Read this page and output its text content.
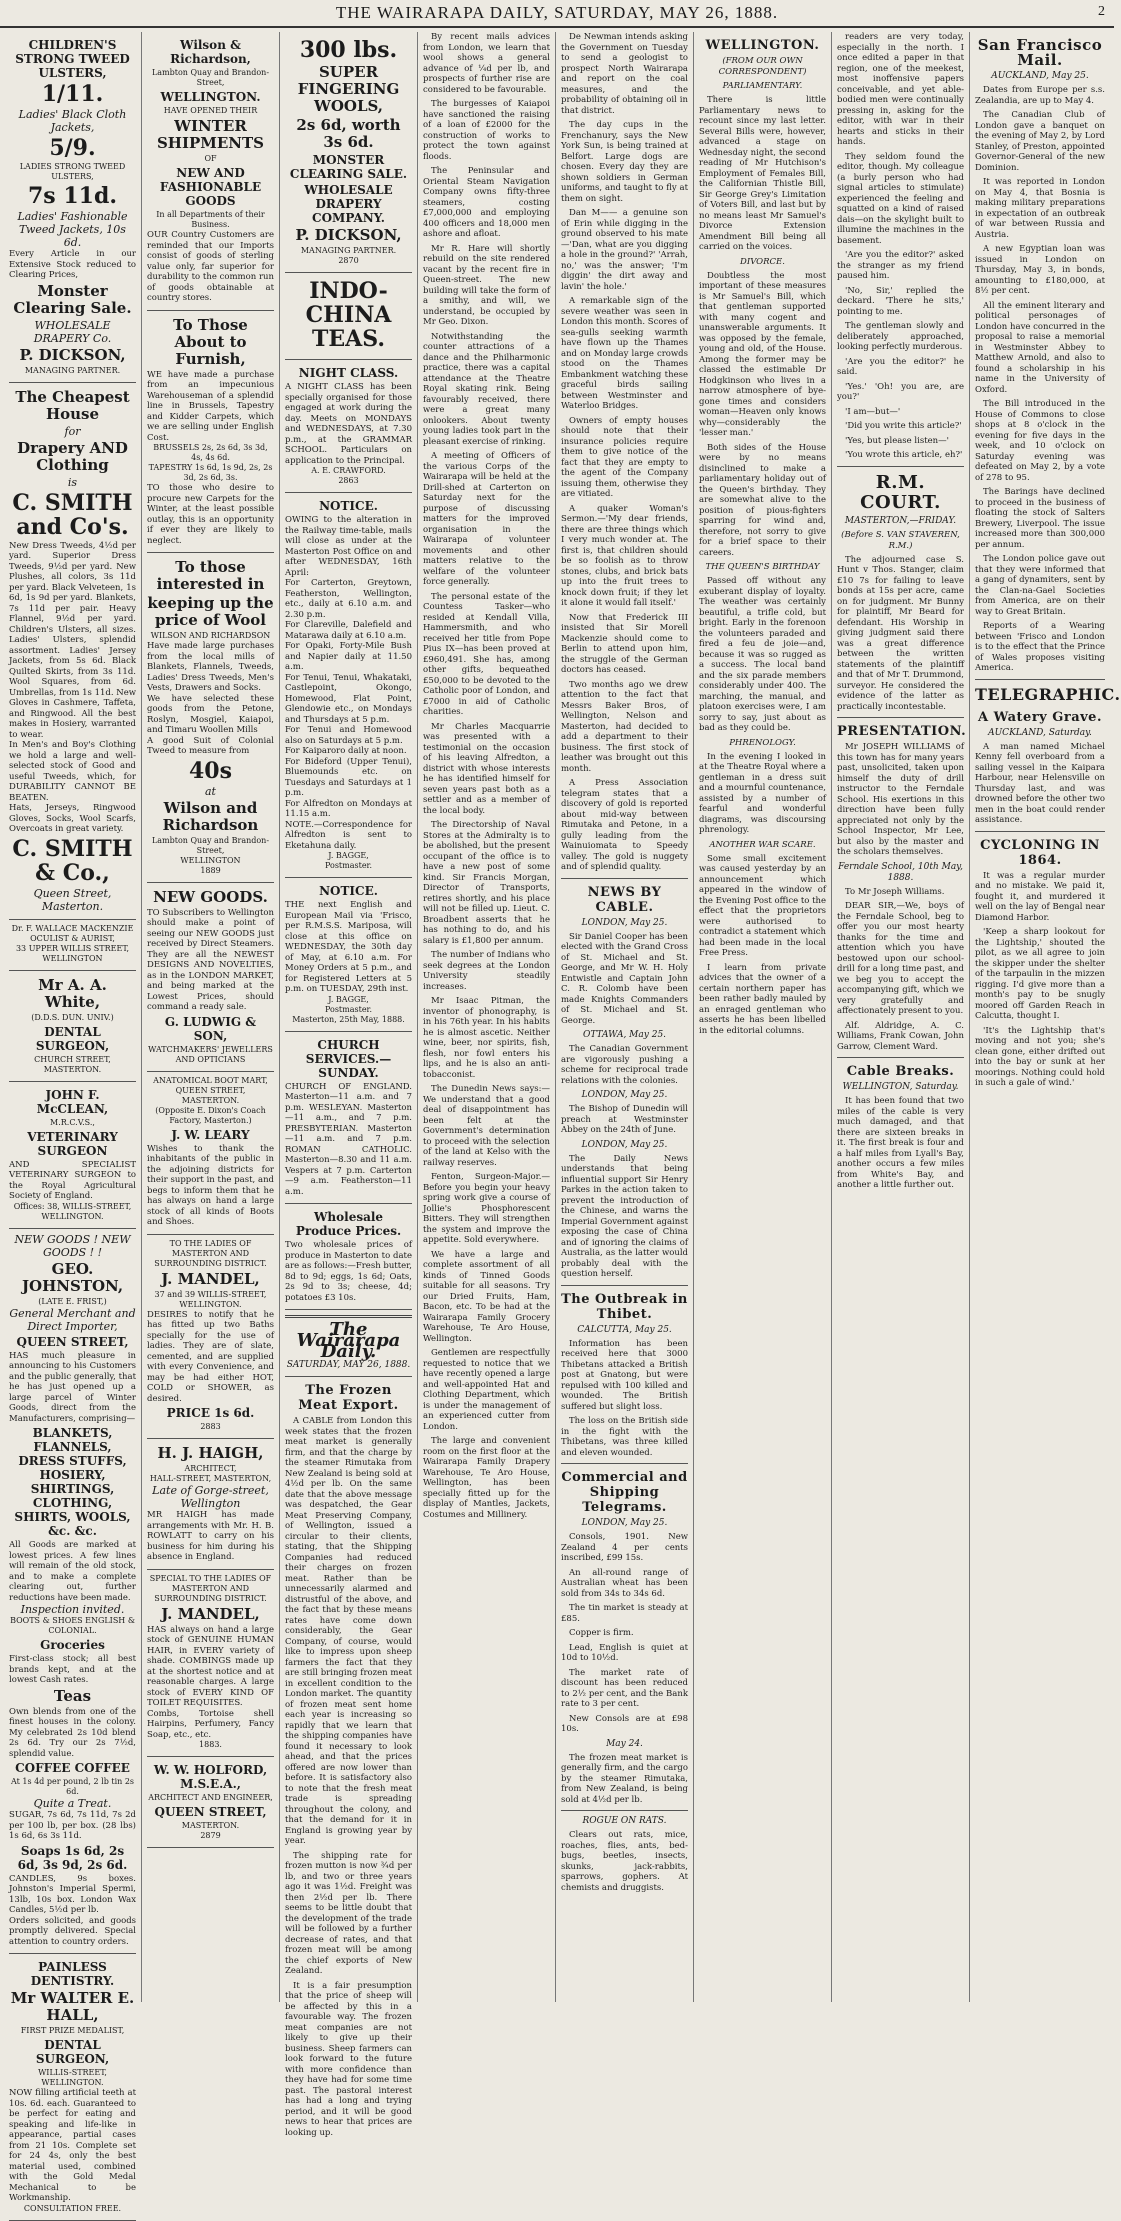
THE WAIRARAPA DAILY, SATURDAY, MAY 26, 1888.	2
CHILDREN'S STRONG TWEED ULSTERS,
1/11.
Ladies' Black Cloth Jackets,
5/9.
LADIES STRONG TWEED ULSTERS,
7s 11d.
Ladies' Fashionable Tweed Jackets, 10s 6d.
Every Article in our Extensive Stock reduced to Clearing Prices,
Monster Clearing Sale.
WHOLESALE DRAPERY Co.
P. DICKSON,
MANAGING PARTNER.
The Cheapest House
for
Drapery AND Clothing
is
C. SMITH and Co's.
New Dress Tweeds, 4½d per yard. Superior Dress Tweeds, 9½d per yard. New Plushes, all colors, 3s 11d per yard. Black Velveteen, 1s 6d, 1s 9d per yard. Blankets, 7s 11d per pair. Heavy Flannel, 9½d per yard. Children's Ulsters, all sizes. Ladies' Ulsters, splendid assortment. Ladies' Jersey Jackets, from 5s 6d. Black Quilted Skirts, from 3s 11d. Wool Squares, from 6d. Umbrellas, from 1s 11d. New Gloves in Cashmere, Taffeta, and Ringwood. All the best makes in Hosiery, warranted to wear.
In Men's and Boy's Clothing we hold a large and well-selected stock of Good and useful Tweeds, which, for DURABILITY CANNOT BE BEATEN.
Hats, Jerseys, Ringwood Gloves, Socks, Wool Scarfs, Overcoats in great variety.
C. SMITH & Co.,
Queen Street, Masterton.
Dr. F. WALLACE MACKENZIE
OCULIST & AURIST,
33 UPPER WILLIS STREET, WELLINGTON
Mr A. A. White,
(D.D.S. DUN. UNIV.)
DENTAL SURGEON,
CHURCH STREET, MASTERTON.
JOHN F. McCLEAN,
M.R.C.V.S.,
VETERINARY SURGEON
AND SPECIALIST VETERINARY SURGEON to the Royal Agricultural Society of England.
Offices: 38, WILLIS-STREET, WELLINGTON.
NEW GOODS ! NEW GOODS ! !
GEO. JOHNSTON,
(LATE E. FRIST,)
General Merchant and Direct Importer,
QUEEN STREET,
HAS much pleasure in announcing to his Customers and the public generally, that he has just opened up a large parcel of Winter Goods, direct from the Manufacturers, comprising—
BLANKETS, FLANNELS, DRESS STUFFS, HOSIERY, SHIRTINGS, CLOTHING, SHIRTS, WOOLS, &c. &c.
All Goods are marked at lowest prices. A few lines will remain of the old stock, and to make a complete clearing out, further reductions have been made.
Inspection invited.
BOOTS & SHOES ENGLISH & COLONIAL.
Groceries
First-class stock; all best brands kept, and at the lowest Cash rates.
Teas
Own blends from one of the finest houses in the colony. My celebrated 2s 10d blend 2s 6d. Try our 2s 7½d, splendid value.
COFFEE COFFEE
At 1s 4d per pound, 2 lb tin 2s 6d.
Quite a Treat.
SUGAR, 7s 6d, 7s 11d, 7s 2d per 100 lb, per box. (28 lbs) 1s 6d, 6s 3s 11d.
Soaps 1s 6d, 2s 6d, 3s 9d, 2s 6d.
CANDLES, 9s boxes. Johnston's Imperial Spermi, 13lb, 10s box. London Wax Candles, 5½d per lb.
Orders solicited, and goods promptly delivered. Special attention to country orders.
PAINLESS DENTISTRY.
Mr WALTER E. HALL,
FIRST PRIZE MEDALIST,
DENTAL SURGEON,
WILLIS-STREET, WELLINGTON.
NOW filling artificial teeth at 10s. 6d. each. Guaranteed to be perfect for eating and speaking and life-like in appearance, partial cases from 21 10s. Complete set for 24 4s, only the best material used, combined with the Gold Medal Mechanical to be Workmanship.
CONSULTATION FREE.
Wilson & Richardson,
Lambton Quay and Brandon-Street,
WELLINGTON.
HAVE OPENED THEIR
WINTER SHIPMENTS
OF
NEW AND FASHIONABLE GOODS
In all Departments of their Business.
OUR Country Customers are reminded that our Imports consist of goods of sterling value only, far superior for durability to the common run of goods obtainable at country stores.
To Those About to Furnish,
WE have made a purchase from an impecunious Warehouseman of a splendid line in Brussels, Tapestry and Kidder Carpets, which we are selling under English Cost.
BRUSSELS 2s, 2s 6d, 3s 3d, 4s, 4s 6d.
TAPESTRY 1s 6d, 1s 9d, 2s, 2s 3d, 2s 6d, 3s.
TO those who desire to procure new Carpets for the Winter, at the least possible outlay, this is an opportunity if ever they are likely to neglect.
To those interested in
keeping up the price of Wool
WILSON AND RICHARDSON
Have made large purchases from the local mills of Blankets, Flannels, Tweeds, Ladies' Dress Tweeds, Men's Vests, Drawers and Socks.
We have selected these goods from the Petone, Roslyn, Mosgiel, Kaiapoi, and Timaru Woollen Mills
A good Suit of Colonial Tweed to measure from
40s
at
Wilson and Richardson
Lambton Quay and Brandon-Street,
WELLINGTON
1889
NEW GOODS.
TO Subscribers to Wellington should make a point of seeing our NEW GOODS just received by Direct Steamers. They are all the NEWEST DESIGNS AND NOVELTIES, as in the LONDON MARKET, and being marked at the Lowest Prices, should command a ready sale.
G. LUDWIG & SON,
WATCHMAKERS' JEWELLERS AND OPTICIANS
ANATOMICAL BOOT MART, QUEEN STREET, MASTERTON.
(Opposite E. Dixon's Coach Factory, Masterton.)
J. W. LEARY
Wishes to thank the inhabitants of the public in the adjoining districts for their support in the past, and begs to inform them that he has always on hand a large stock of all kinds of Boots and Shoes.
TO THE LADIES OF MASTERTON AND SURROUNDING DISTRICT.
J. MANDEL,
37 and 39 WILLIS-STREET, WELLINGTON.
DESIRES to notify that he has fitted up two Baths specially for the use of ladies. They are of slate, cemented, and are supplied with every Convenience, and may be had either HOT, COLD or SHOWER, as desired.
PRICE 1s 6d.
2883
H. J. HAIGH,
ARCHITECT,
HALL-STREET, MASTERTON,
Late of Gorge-street, Wellington
MR HAIGH has made arrangements with Mr. H. B. ROWLATT to carry on his business for him during his absence in England.
SPECIAL TO THE LADIES OF MASTERTON AND SURROUNDING DISTRICT.
J. MANDEL,
HAS always on hand a large stock of GENUINE HUMAN HAIR, in EVERY variety of shade. COMBINGS made up at the shortest notice and at reasonable charges. A large stock of EVERY KIND OF TOILET REQUISITES.
Combs, Tortoise shell Hairpins, Perfumery, Fancy Soap, etc., etc.
1883.
W. W. HOLFORD, M.S.E.A.,
ARCHITECT AND ENGINEER,
QUEEN STREET,
MASTERTON.
2879
300 lbs.
SUPER FINGERING WOOLS,
2s 6d, worth 3s 6d.
MONSTER CLEARING SALE.
WHOLESALE DRAPERY COMPANY.
P. DICKSON,
MANAGING PARTNER.
2870
INDO-CHINA TEAS.
NIGHT CLASS.
A NIGHT CLASS has been specially organised for those engaged at work during the day. Meets on MONDAYS and WEDNESDAYS, at 7.30 p.m., at the GRAMMAR SCHOOL. Particulars on application to the Principal.
A. E. CRAWFORD.
2863
NOTICE.
OWING to the alteration in the Railway time-table, mails will close as under at the Masterton Post Office on and after WEDNESDAY, 16th April:
For Carterton, Greytown, Featherston, Wellington, etc., daily at 6.10 a.m. and 2.30 p.m.
For Clareville, Dalefield and Matarawa daily at 6.10 a.m.
For Opaki, Forty-Mile Bush and Napier daily at 11.50 a.m.
For Tenui, Tenui, Whakataki, Castlepoint, Okongo, Homewood, Flat Point, Glendowie etc., on Mondays and Thursdays at 5 p.m.
For Tenui and Homewood also on Saturdays at 5 p.m.
For Kaiparoro daily at noon.
For Bideford (Upper Tenui), Bluemounds etc. on Tuesdays and Saturdays at 1 p.m.
For Alfredton on Mondays at 11.15 a.m.
NOTE.—Correspondence for Alfredton is sent to Eketahuna daily.
J. BAGGE,
Postmaster.
NOTICE.
THE next English and European Mail via 'Frisco, per R.M.S.S. Mariposa, will close at this office on WEDNESDAY, the 30th day of May, at 6.10 a.m. For Money Orders at 5 p.m., and for Registered Letters at 5 p.m. on TUESDAY, 29th inst.
J. BAGGE,
Postmaster.
Masterton, 25th May, 1888.
CHURCH SERVICES.—SUNDAY.
CHURCH OF ENGLAND. Masterton—11 a.m. and 7 p.m. WESLEYAN. Masterton—11 a.m., and 7 p.m. PRESBYTERIAN. Masterton—11 a.m. and 7 p.m. ROMAN CATHOLIC. Masterton—8.30 and 11 a.m. Vespers at 7 p.m. Carterton—9 a.m. Featherston—11 a.m.
Wholesale Produce Prices.
Two wholesale prices of produce in Masterton to date are as follows:—Fresh butter, 8d to 9d; eggs, 1s 6d; Oats, 2s 9d to 3s; cheese, 4d; potatoes £3 10s.
The Wairarapa Daily.
SATURDAY, MAY 26, 1888.
The Frozen Meat Export.

A CABLE from London this week states that the frozen meat market is generally firm, and that the charge by the steamer Rimutaka from New Zealand is being sold at 4½d per lb. On the same date that the above message was despatched, the Gear Meat Preserving Company, of Wellington, issued a circular to their clients, stating, that the Shipping Companies had reduced their charges on frozen meat. Rather than be unnecessarily alarmed and distrustful of the above, and the fact that by these means rates have come down considerably, the Gear Company, of course, would like to impress upon sheep farmers the fact that they are still bringing frozen meat in excellent condition to the London market. The quantity of frozen meat sent home each year is increasing so rapidly that we learn that the shipping companies have found it necessary to look ahead, and that the prices offered are now lower than before. It is satisfactory also to note that the fresh meat trade is spreading throughout the colony, and that the demand for it in England is growing year by year.

The shipping rate for frozen mutton is now ¾d per lb, and two or three years ago it was 1½d. Freight was then 2½d per lb. There seems to be little doubt that the development of the trade will be followed by a further decrease of rates, and that frozen meat will be among the chief exports of New Zealand.

It is a fair presumption that the price of sheep will be affected by this in a favourable way. The frozen meat companies are not likely to give up their business. Sheep farmers can look forward to the future with more confidence than they have had for some time past. The pastoral interest has had a long and trying period, and it will be good news to hear that prices are looking up.

By recent mails advices from London, we learn that wool shows a general advance of ¼d per lb, and prospects of further rise are considered to be favourable.

The burgesses of Kaiapoi have sanctioned the raising of a loan of £2000 for the construction of works to protect the town against floods.

The Peninsular and Oriental Steam Navigation Company owns fifty-three steamers, costing £7,000,000 and employing 400 officers and 18,000 men ashore and afloat.

Mr R. Hare will shortly rebuild on the site rendered vacant by the recent fire in Queen-street. The new building will take the form of a smithy, and will, we understand, be occupied by Mr Geo. Dixon.

Notwithstanding the counter attractions of a dance and the Philharmonic practice, there was a capital attendance at the Theatre Royal skating rink. Being favourably received, there were a great many onlookers. About twenty young ladies took part in the pleasant exercise of rinking.

A meeting of Officers of the various Corps of the Wairarapa will be held at the Drill-shed at Carterton on Saturday next for the purpose of discussing matters for the improved organisation in the Wairarapa of volunteer movements and other matters relative to the welfare of the volunteer force generally.

The personal estate of the Countess Tasker—who resided at Kendall Villa, Hammersmith, and who received her title from Pope Pius IX—has been proved at £960,491. She has, among other gifts, bequeathed £50,000 to be devoted to the Catholic poor of London, and £7000 in aid of Catholic charities.

Mr Charles Macquarrie was presented with a testimonial on the occasion of his leaving Alfredton, a district with whose interests he has identified himself for seven years past both as a settler and as a member of the local body.

The Directorship of Naval Stores at the Admiralty is to be abolished, but the present occupant of the office is to have a new post of some kind. Sir Francis Morgan, Director of Transports, retires shortly, and his place will not be filled up. Lieut. C. Broadbent asserts that he has nothing to do, and his salary is £1,800 per annum.

The number of Indians who seek degrees at the London University steadily increases.

Mr Isaac Pitman, the inventor of phonography, is in his 76th year. In his habits he is almost ascetic. Neither wine, beer, nor spirits, fish, flesh, nor fowl enters his lips, and he is also an anti-tobacconist.

The Dunedin News says:—We understand that a good deal of disappointment has been felt at the Government's determination to proceed with the selection of the land at Kelso with the railway reserves.

Fenton, Surgeon-Major.—Before you begin your heavy spring work give a course of Jollie's Phosphorescent Bitters. They will strengthen the system and improve the appetite. Sold everywhere.

We have a large and complete assortment of all kinds of Tinned Goods suitable for all seasons. Try our Dried Fruits, Ham, Bacon, etc. To be had at the Wairarapa Family Grocery Warehouse, Te Aro House, Wellington.

Gentlemen are respectfully requested to notice that we have recently opened a large and well-appointed Hat and Clothing Department, which is under the management of an experienced cutter from London.

The large and convenient room on the first floor at the Wairarapa Family Drapery Warehouse, Te Aro House, Wellington, has been specially fitted up for the display of Mantles, Jackets, Costumes and Millinery.

De Newman intends asking the Government on Tuesday to send a geologist to prospect North Wairarapa and report on the coal measures, and the probability of obtaining oil in that district.

The day cups in the Frenchanury, says the New York Sun, is being trained at Belfort. Large dogs are chosen. Every day they are shown soldiers in German uniforms, and taught to fly at them on sight.

Dan M—— a genuine son of Erin while digging in the ground observed to his mate—'Dan, what are you digging a hole in the ground?' 'Arrah, no,' was the answer; 'I'm diggin' the dirt away and lavin' the hole.'

A remarkable sign of the severe weather was seen in London this month. Scores of sea-gulls seeking warmth have flown up the Thames and on Monday large crowds stood on the Thames Embankment watching these graceful birds sailing between Westminster and Waterloo Bridges.

Owners of empty houses should note that their insurance policies require them to give notice of the fact that they are empty to the agent of the Company issuing them, otherwise they are vitiated.

A quaker Woman's Sermon.—'My dear friends, there are three things which I very much wonder at. The first is, that children should be so foolish as to throw stones, clubs, and brick bats up into the fruit trees to knock down fruit; if they let it alone it would fall itself.'

Now that Frederick III insisted that Sir Morell Mackenzie should come to Berlin to attend upon him, the struggle of the German doctors has ceased.

Two months ago we drew attention to the fact that Messrs Baker Bros, of Wellington, Nelson and Masterton, had decided to add a department to their business. The first stock of leather was brought out this month.

A Press Association telegram states that a discovery of gold is reported about mid-way between Rimutaka and Petone, in a gully leading from the Wainuiomata to Speedy valley. The gold is nuggety and of splendid quality.

NEWS BY CABLE.
LONDON, May 25.

Sir Daniel Cooper has been elected with the Grand Cross of St. Michael and St. George, and Mr W. H. Holy Entwistle and Captain John C. R. Colomb have been made Knights Commanders of St. Michael and St. George.

OTTAWA, May 25.

The Canadian Government are vigorously pushing a scheme for reciprocal trade relations with the colonies.

LONDON, May 25.

The Bishop of Dunedin will preach at Westminster Abbey on the 24th of June.

LONDON, May 25.

The Daily News understands that being influential support Sir Henry Parkes in the action taken to prevent the introduction of the Chinese, and warns the Imperial Government against exposing the case of China and of ignoring the claims of Australia, as the latter would probably deal with the question herself.

The Outbreak in Thibet.
CALCUTTA, May 25.

Information has been received here that 3000 Thibetans attacked a British post at Gnatong, but were repulsed with 100 killed and wounded. The British suffered but slight loss.

The loss on the British side in the fight with the Thibetans, was three killed and eleven wounded.

Commercial and Shipping Telegrams.
LONDON, May 25.

Consols, 1901. New Zealand 4 per cents inscribed, £99 15s.

An all-round range of Australian wheat has been sold from 34s to 34s 6d.

The tin market is steady at £85.

Copper is firm.

Lead, English is quiet at 10d to 10½d.

The market rate of discount has been reduced to 2½ per cent, and the Bank rate to 3 per cent.

New Consols are at £98 10s.

May 24.

The frozen meat market is generally firm, and the cargo by the steamer Rimutaka, from New Zealand, is being sold at 4½d per lb.

ROGUE ON RATS.

Clears out rats, mice, roaches, flies, ants, bed-bugs, beetles, insects, skunks, jack-rabbits, sparrows, gophers. At chemists and druggists.

WELLINGTON.
(FROM OUR OWN CORRESPONDENT)
PARLIAMENTARY.

There is little Parliamentary news to recount since my last letter. Several Bills were, however, advanced a stage on Wednesday night, the second reading of Mr Hutchison's Employment of Females Bill, the Californian Thistle Bill, Sir George Grey's Limitation of Voters Bill, and last but by no means least Mr Samuel's Divorce Extension Amendment Bill being all carried on the voices.

DIVORCE.

Doubtless the most important of these measures is Mr Samuel's Bill, which that gentleman supported with many cogent and unanswerable arguments. It was opposed by the female, young and old, of the House. Among the former may be classed the estimable Dr Hodgkinson who lives in a narrow atmosphere of bye-gone times and considers woman—Heaven only knows why—considerably the 'lesser man.'

Both sides of the House were by no means disinclined to make a parliamentary holiday out of the Queen's birthday. They are somewhat alive to the position of pious-fighters sparring for wind and, therefore, not sorry to give for a brief space to their careers.

THE QUEEN'S BIRTHDAY

Passed off without any exuberant display of loyalty. The weather was certainly beautiful, a trifle cold, but bright. Early in the forenoon the volunteers paraded and fired a feu de joie—and, because it was so rugged as a success. The local band and the six parade members considerably under 400. The marching, the manual, and platoon exercises were, I am sorry to say, just about as bad as they could be.

PHRENOLOGY.

In the evening I looked in at the Theatre Royal where a gentleman in a dress suit and a mournful countenance, assisted by a number of fearful and wonderful diagrams, was discoursing phrenology.

ANOTHER WAR SCARE.

Some small excitement was caused yesterday by an announcement which appeared in the window of the Evening Post office to the effect that the proprietors were authorised to contradict a statement which had been made in the local Free Press.

I learn from private advices that the owner of a certain northern paper has been rather badly mauled by an enraged gentleman who asserts he has been libelled in the editorial columns.

readers are very today, especially in the north. I once edited a paper in that region, one of the meekest, most inoffensive papers conceivable, and yet able-bodied men were continually pressing in, asking for the editor, with war in their hearts and sticks in their hands.

They seldom found the editor, though. My colleague (a burly person who had signal articles to stimulate) experienced the feeling and squatted on a kind of raised dais—on the skylight built to illumine the machines in the basement.

'Are you the editor?' asked the stranger as my friend paused him.

'No, Sir,' replied the deckard. 'There he sits,' pointing to me.

The gentleman slowly and deliberately approached, looking perfectly murderous.

'Are you the editor?' he said.

'Yes.' 'Oh! you are, are you?'

'I am—but—'

'Did you write this article?'

'Yes, but please listen—'

'You wrote this article, eh?'

R.M. COURT.
MASTERTON,—FRIDAY.
(Before S. VAN STAVEREN, R.M.)

The adjourned case S. Hunt v Thos. Stanger, claim £10 7s for failing to leave bonds at 15s per acre, came on for judgment. Mr Bunny for plaintiff, Mr Beard for defendant. His Worship in giving judgment said there was a great difference between the written statements of the plaintiff and that of Mr T. Drummond, surveyor. He considered the evidence of the latter as practically incontestable.

PRESENTATION.

Mr JOSEPH WILLIAMS of this town has for many years past, unsolicited, taken upon himself the duty of drill instructor to the Ferndale School. His exertions in this direction have been fully appreciated not only by the School Inspector, Mr Lee, but also by the master and the scholars themselves.

Ferndale School, 10th May, 1888.

To Mr Joseph Williams.

DEAR SIR,—We, boys of the Ferndale School, beg to offer you our most hearty thanks for the time and attention which you have bestowed upon our school-drill for a long time past, and we beg you to accept the accompanying gift, which we very gratefully and affectionately present to you.

Alf. Aldridge, A. C. Williams, Frank Cowan, John Garrow, Clement Ward.

Cable Breaks.
WELLINGTON, Saturday.

It has been found that two miles of the cable is very much damaged, and that there are sixteen breaks in it. The first break is four and a half miles from Lyall's Bay, another occurs a few miles from White's Bay, and another a little further out.

San Francisco Mail.
AUCKLAND, May 25.

Dates from Europe per s.s. Zealandia, are up to May 4.

The Canadian Club of London gave a banquet on the evening of May 2, by Lord Stanley, of Preston, appointed Governor-General of the new Dominion.

It was reported in London on May 4, that Bosnia is making military preparations in expectation of an outbreak of war between Russia and Austria.

A new Egyptian loan was issued in London on Thursday, May 3, in bonds, amounting to £180,000, at 8½ per cent.

All the eminent literary and political personages of London have concurred in the proposal to raise a memorial in Westminster Abbey to Matthew Arnold, and also to found a scholarship in his name in the University of Oxford.

The Bill introduced in the House of Commons to close shops at 8 o'clock in the evening for five days in the week, and 10 o'clock on Saturday evening was defeated on May 2, by a vote of 278 to 95.

The Barings have declined to proceed in the business of floating the stock of Salters Brewery, Liverpool. The issue increased more than 300,000 per annum.

The London police gave out that they were informed that a gang of dynamiters, sent by the Clan-na-Gael Societies from America, are on their way to Great Britain.

Reports of a Wearing between 'Frisco and London is to the effect that the Prince of Wales proposes visiting America.

TELEGRAPHIC.
A Watery Grave.
AUCKLAND, Saturday.

A man named Michael Kenny fell overboard from a sailing vessel in the Kaipara Harbour, near Helensville on Thursday last, and was drowned before the other two men in the boat could render assistance.

CYCLONING IN 1864.

It was a regular murder and no mistake. We paid it, fought it, and murdered it well on the lay of Bengal near Diamond Harbor.

'Keep a sharp lookout for the Lightship,' shouted the pilot, as we all agree to join the skipper under the shelter of the tarpaulin in the mizzen rigging. I'd give more than a month's pay to be snugly moored off Garden Reach in Calcutta, thought I.

'It's the Lightship that's moving and not you; she's clean gone, either drifted out into the bay or sunk at her moorings. Nothing could hold in such a gale of wind.'
